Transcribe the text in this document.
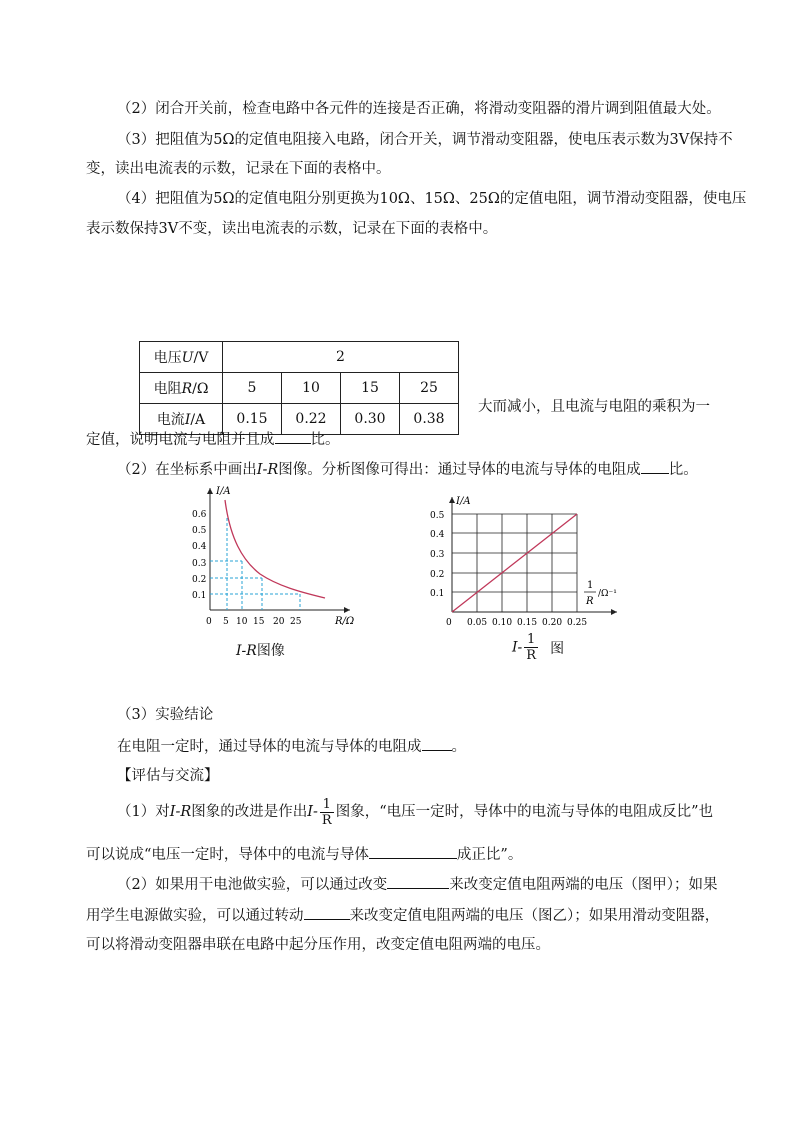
（2）闭合开关前，检查电路中各元件的连接是否正确，将滑动变阻器的滑片调到阻值最大处。
（3）把阻值为5Ω的定值电阻接入电路，闭合开关，调节滑动变阻器，使电压表示数为3V保持不
变，读出电流表的示数，记录在下面的表格中。
（4）把阻值为5Ω的定值电阻分别更换为10Ω、15Ω、25Ω的定值电阻，调节滑动变阻器，使电压
表示数保持3V不变，读出电流表的示数，记录在下面的表格中。
电压U/V	2			
电阻R/Ω	5	10	15	25
电流I/A	0.15	0.22	0.30	0.38
大而减小，且电流与电阻的乘积为一
定值，说明电流与电阻并且成 比。
（2）在坐标系中画出I-R图像。分析图像可得出：通过导体的电流与导体的电阻成 比。
0.1
0.2
0.3
0.4
0.5
0.6
0 5 10 15 20 25
I/A
R/Ω
I-R图像
0.1
0.2
0.3
0.4
0.5
0 0.05 0.10 0.15 0.20 0.25
I/A
1
R
/Ω⁻¹
$I- \frac{1}{R}$ 图
（3）实验结论
在电阻一定时，通过导体的电流与导体的电阻成 。
【评估与交流】
（1）对I-R图象的改进是作出$I- \frac{1}{R}$ 图象，“电压一定时，导体中的电流与导体的电阻成反比”也
可以说成“电压一定时，导体中的电流与导体	成正比”。
（2）如果用干电池做实验，可以通过改变	来改变定值电阻两端的电压（图甲）；如果
用学生电源做实验，可以通过转动	来改变定值电阻两端的电压（图乙）；如果用滑动变阻器，
可以将滑动变阻器串联在电路中起分压作用，改变定值电阻两端的电压。
